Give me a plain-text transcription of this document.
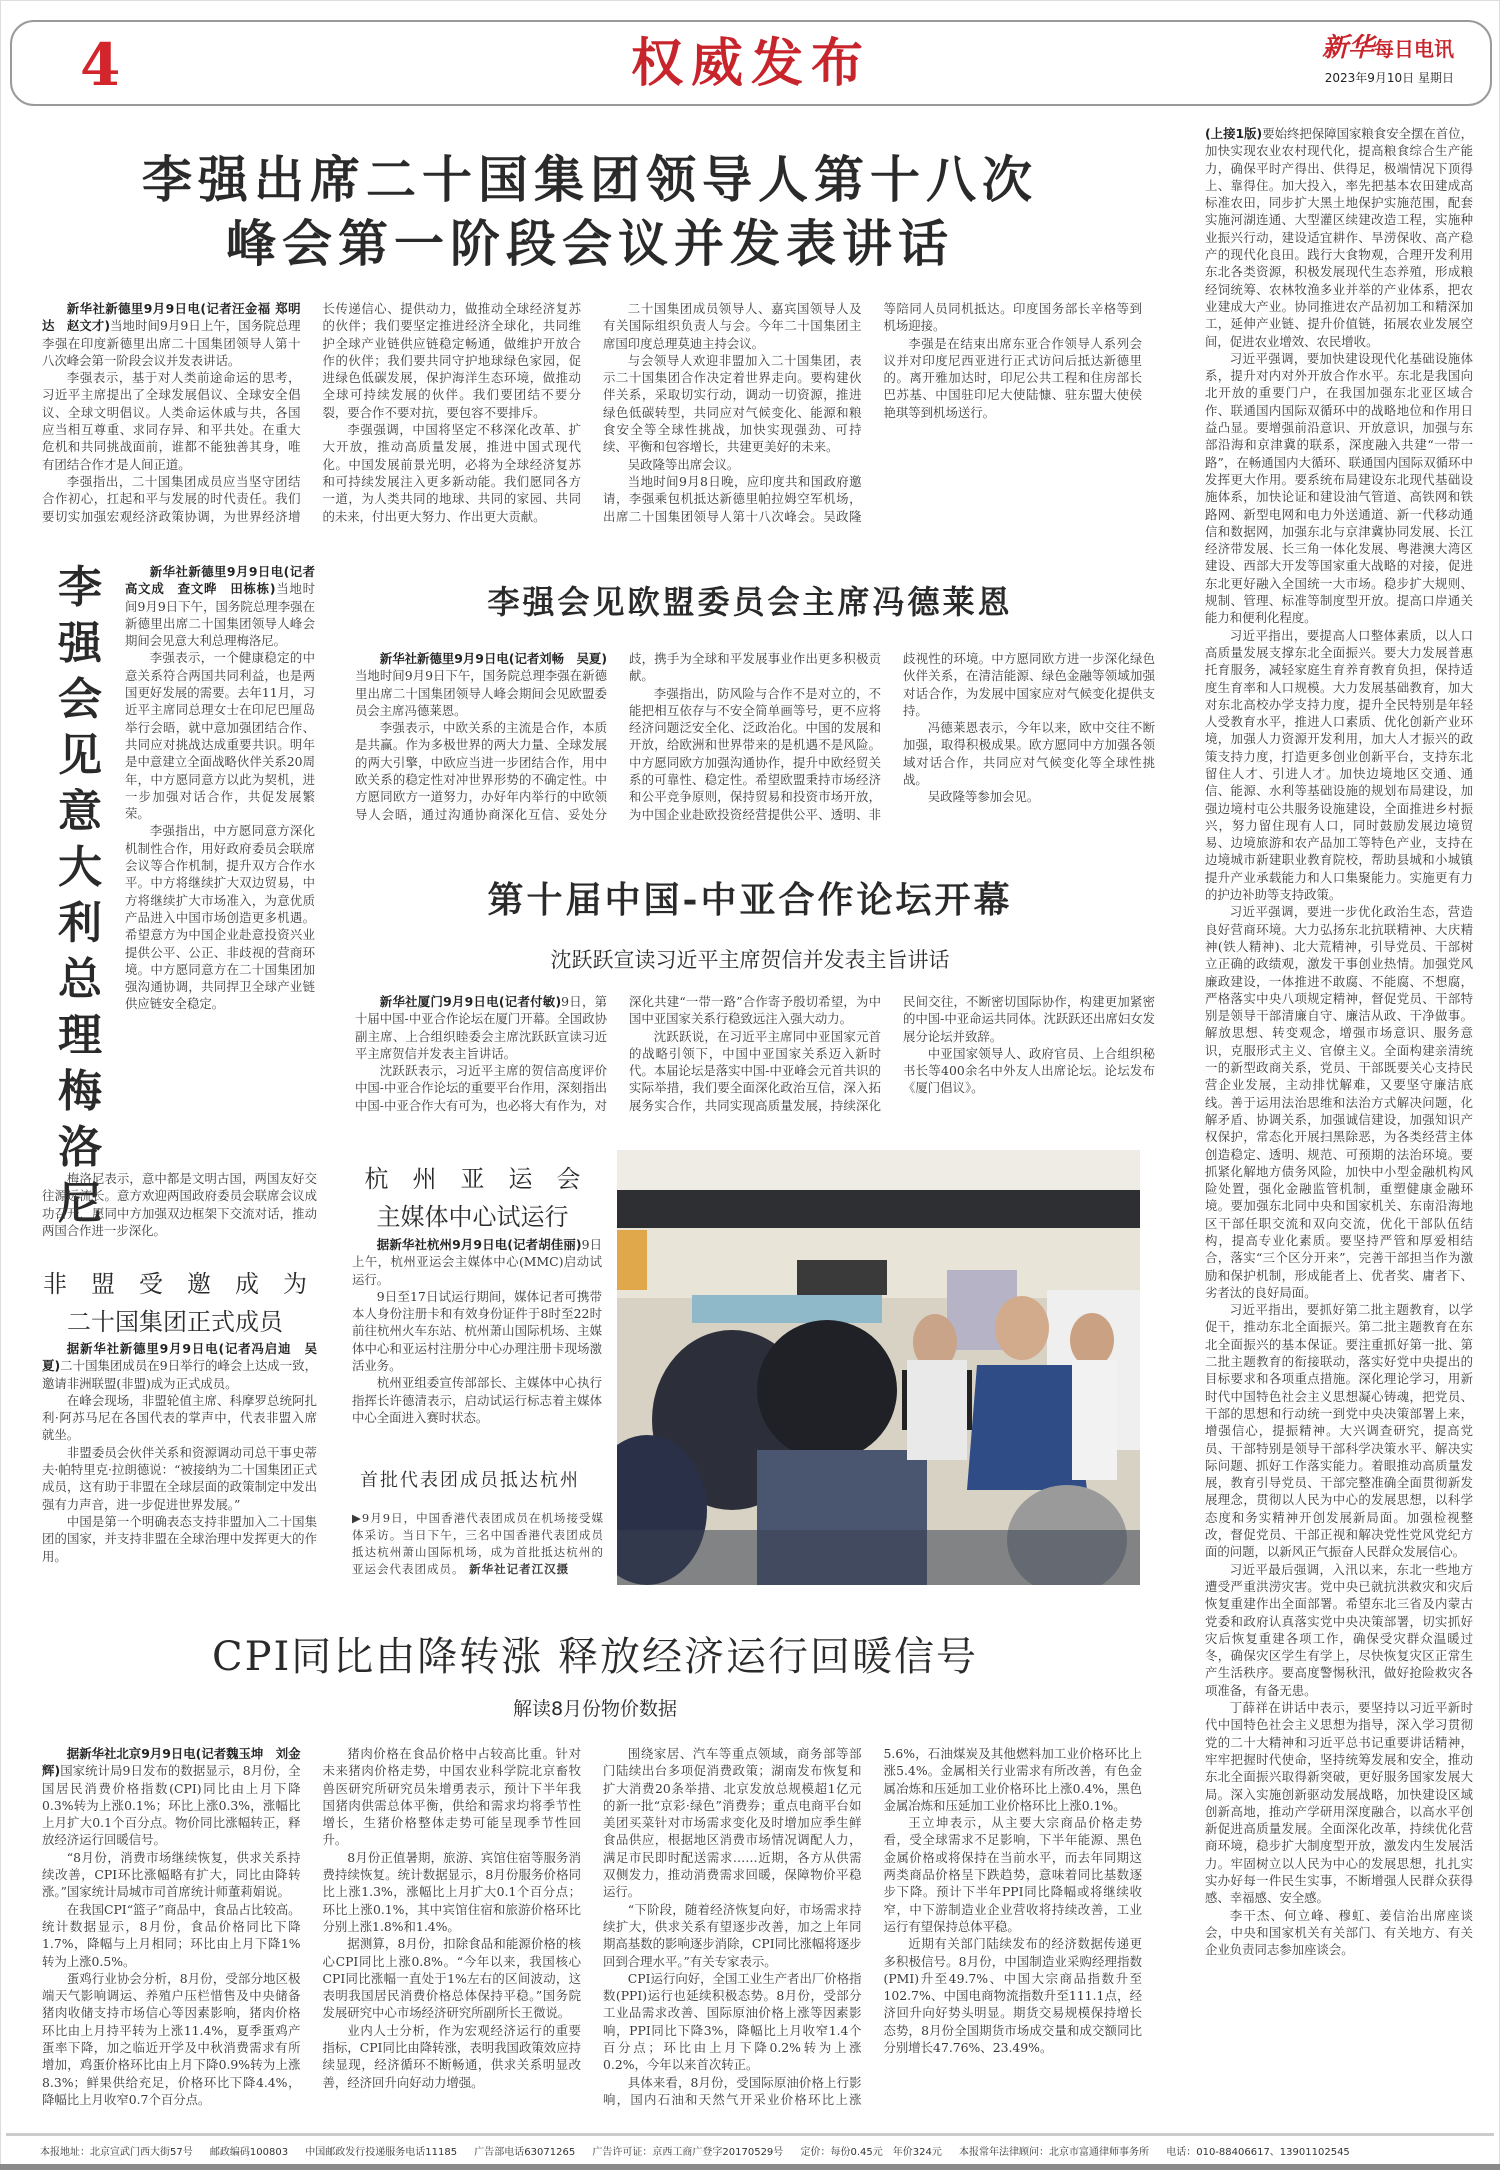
4	权威发布	新华每日电讯
2023年9月10日 星期日
李强出席二十国集团领导人第十八次
峰会第一阶段会议并发表讲话

新华社新德里9月9日电(记者汪金福 郑明达　赵文才)当地时间9月9日上午，国务院总理李强在印度新德里出席二十国集团领导人第十八次峰会第一阶段会议并发表讲话。

李强表示，基于对人类前途命运的思考，习近平主席提出了全球发展倡议、全球安全倡议、全球文明倡议。人类命运休戚与共，各国应当相互尊重、求同存异、和平共处。在重大危机和共同挑战面前，谁都不能独善其身，唯有团结合作才是人间正道。

李强指出，二十国集团成员应当坚守团结合作初心，扛起和平与发展的时代责任。我们要切实加强宏观经济政策协调，为世界经济增长传递信心、提供动力，做推动全球经济复苏的伙伴；我们要坚定推进经济全球化，共同维护全球产业链供应链稳定畅通，做维护开放合作的伙伴；我们要共同守护地球绿色家园，促进绿色低碳发展，保护海洋生态环境，做推动全球可持续发展的伙伴。我们要团结不要分裂，要合作不要对抗，要包容不要排斥。

李强强调，中国将坚定不移深化改革、扩大开放，推动高质量发展，推进中国式现代化。中国发展前景光明，必将为全球经济复苏和可持续发展注入更多新动能。我们愿同各方一道，为人类共同的地球、共同的家园、共同的未来，付出更大努力、作出更大贡献。

二十国集团成员领导人、嘉宾国领导人及有关国际组织负责人与会。今年二十国集团主席国印度总理莫迪主持会议。

与会领导人欢迎非盟加入二十国集团，表示二十国集团合作决定着世界走向。要构建伙伴关系，采取切实行动，调动一切资源，推进绿色低碳转型，共同应对气候变化、能源和粮食安全等全球性挑战，加快实现强劲、可持续、平衡和包容增长，共建更美好的未来。

吴政隆等出席会议。

当地时间9月8日晚，应印度共和国政府邀请，李强乘包机抵达新德里帕拉姆空军机场，出席二十国集团领导人第十八次峰会。吴政隆等陪同人员同机抵达。印度国务部长辛格等到机场迎接。

李强是在结束出席东亚合作领导人系列会议并对印度尼西亚进行正式访问后抵达新德里的。离开雅加达时，印尼公共工程和住房部长巴苏基、中国驻印尼大使陆慷、驻东盟大使侯艳琪等到机场送行。

李
强
会
见
意
大
利
总
理
梅
洛
尼

新华社新德里9月9日电(记者高文成　查文晔　田栋栋)当地时间9月9日下午，国务院总理李强在新德里出席二十国集团领导人峰会期间会见意大利总理梅洛尼。

李强表示，一个健康稳定的中意关系符合两国共同利益，也是两国更好发展的需要。去年11月，习近平主席同总理女士在印尼巴厘岛举行会晤，就中意加强团结合作、共同应对挑战达成重要共识。明年是中意建立全面战略伙伴关系20周年，中方愿同意方以此为契机，进一步加强对话合作，共促发展繁荣。

李强指出，中方愿同意方深化机制性合作，用好政府委员会联席会议等合作机制，提升双方合作水平。中方将继续扩大双边贸易，中方将继续扩大市场准入，为意优质产品进入中国市场创造更多机遇。希望意方为中国企业赴意投资兴业提供公平、公正、非歧视的营商环境。中方愿同意方在二十国集团加强沟通协调，共同捍卫全球产业链供应链安全稳定。

梅洛尼表示，意中都是文明古国，两国友好交往源远流长。意方欢迎两国政府委员会联席会议成功召开，愿同中方加强双边框架下交流对话，推动两国合作进一步深化。

非　盟　受　邀　成　为
二十国集团正式成员

据新华社新德里9月9日电(记者冯启迪　吴夏)二十国集团成员在9日举行的峰会上达成一致，邀请非洲联盟(非盟)成为正式成员。

在峰会现场，非盟轮值主席、科摩罗总统阿扎利·阿苏马尼在各国代表的掌声中，代表非盟入席就坐。

非盟委员会伙伴关系和资源调动司总干事史蒂夫·帕特里克·拉朗德说：“被接纳为二十国集团正式成员，这有助于非盟在全球层面的政策制定中发出强有力声音，进一步促进世界发展。”

中国是第一个明确表态支持非盟加入二十国集团的国家，并支持非盟在全球治理中发挥更大的作用。

李强会见欧盟委员会主席冯德莱恩

新华社新德里9月9日电(记者刘畅　吴夏)当地时间9月9日下午，国务院总理李强在新德里出席二十国集团领导人峰会期间会见欧盟委员会主席冯德莱恩。

李强表示，中欧关系的主流是合作，本质是共赢。作为多极世界的两大力量、全球发展的两大引擎，中欧应当进一步团结合作，用中欧关系的稳定性对冲世界形势的不确定性。中方愿同欧方一道努力，办好年内举行的中欧领导人会晤，通过沟通协商深化互信、妥处分歧，携手为全球和平发展事业作出更多积极贡献。

李强指出，防风险与合作不是对立的，不能把相互依存与不安全简单画等号，更不应将经济问题泛安全化、泛政治化。中国的发展和开放，给欧洲和世界带来的是机遇不是风险。中方愿同欧方加强沟通协作，提升中欧经贸关系的可靠性、稳定性。希望欧盟秉持市场经济和公平竞争原则，保持贸易和投资市场开放，为中国企业赴欧投资经营提供公平、透明、非歧视性的环境。中方愿同欧方进一步深化绿色伙伴关系，在清洁能源、绿色金融等领域加强对话合作，为发展中国家应对气候变化提供支持。

冯德莱恩表示，今年以来，欧中交往不断加强，取得积极成果。欧方愿同中方加强各领域对话合作，共同应对气候变化等全球性挑战。

吴政隆等参加会见。

第十届中国-中亚合作论坛开幕
沈跃跃宣读习近平主席贺信并发表主旨讲话

新华社厦门9月9日电(记者付敏)9日，第十届中国-中亚合作论坛在厦门开幕。全国政协副主席、上合组织睦委会主席沈跃跃宣读习近平主席贺信并发表主旨讲话。

沈跃跃表示，习近平主席的贺信高度评价中国-中亚合作论坛的重要平台作用，深刻指出中国-中亚合作大有可为，也必将大有作为，对深化共建“一带一路”合作寄予殷切希望，为中国中亚国家关系行稳致远注入强大动力。

沈跃跃说，在习近平主席同中亚国家元首的战略引领下，中国中亚国家关系迈入新时代。本届论坛是落实中国-中亚峰会元首共识的实际举措，我们要全面深化政治互信，深入拓展务实合作，共同实现高质量发展，持续深化民间交往，不断密切国际协作，构建更加紧密的中国-中亚命运共同体。沈跃跃还出席妇女发展分论坛并致辞。

中亚国家领导人、政府官员、上合组织秘书长等400余名中外友人出席论坛。论坛发布《厦门倡议》。

杭　州　亚　运　会
主媒体中心试运行

据新华社杭州9月9日电(记者胡佳丽)9日上午，杭州亚运会主媒体中心(MMC)启动试运行。

9日至17日试运行期间，媒体记者可携带本人身份注册卡和有效身份证件于8时至22时前往杭州火车东站、杭州萧山国际机场、主媒体中心和亚运村注册分中心办理注册卡现场激活业务。

杭州亚组委宣传部部长、主媒体中心执行指挥长许德清表示，启动试运行标志着主媒体中心全面进入赛时状态。

首批代表团成员抵达杭州
▶9月9日，中国香港代表团成员在机场接受媒体采访。当日下午，三名中国香港代表团成员抵达杭州萧山国际机场，成为首批抵达杭州的亚运会代表团成员。 新华社记者江汉摄
CPI同比由降转涨 释放经济运行回暖信号
解读8月份物价数据

据新华社北京9月9日电(记者魏玉坤　刘金辉)国家统计局9日发布的数据显示，8月份，全国居民消费价格指数(CPI)同比由上月下降0.3%转为上涨0.1%；环比上涨0.3%，涨幅比上月扩大0.1个百分点。物价同比涨幅转正，释放经济运行回暖信号。

“8月份，消费市场继续恢复，供求关系持续改善，CPI环比涨幅略有扩大，同比由降转涨。”国家统计局城市司首席统计师董莉娟说。

在我国CPI“篮子”商品中，食品占比较高。统计数据显示，8月份，食品价格同比下降1.7%，降幅与上月相同；环比由上月下降1%转为上涨0.5%。

蛋鸡行业协会分析，8月份，受部分地区极端天气影响调运、养殖户压栏惜售及中央储备猪肉收储支持市场信心等因素影响，猪肉价格环比由上月持平转为上涨11.4%，夏季蛋鸡产蛋率下降，加之临近开学及中秋消费需求有所增加，鸡蛋价格环比由上月下降0.9%转为上涨8.3%；鲜果供给充足，价格环比下降4.4%，降幅比上月收窄0.7个百分点。

猪肉价格在食品价格中占较高比重。针对未来猪肉价格走势，中国农业科学院北京畜牧兽医研究所研究员朱增勇表示，预计下半年我国猪肉供需总体平衡，供给和需求均将季节性增长，生猪价格整体走势可能呈现季节性回升。

8月份正值暑期，旅游、宾馆住宿等服务消费持续恢复。统计数据显示，8月份服务价格同比上涨1.3%，涨幅比上月扩大0.1个百分点；环比上涨0.1%，其中宾馆住宿和旅游价格环比分别上涨1.8%和1.4%。

据测算，8月份，扣除食品和能源价格的核心CPI同比上涨0.8%。“今年以来，我国核心CPI同比涨幅一直处于1%左右的区间波动，这表明我国居民消费价格总体保持平稳。”国务院发展研究中心市场经济研究所副所长王微说。

业内人士分析，作为宏观经济运行的重要指标，CPI同比由降转涨，表明我国政策效应持续显现，经济循环不断畅通，供求关系明显改善，经济回升向好动力增强。

围绕家居、汽车等重点领域，商务部等部门陆续出台多项促消费政策；湖南发布恢复和扩大消费20条举措、北京发放总规模超1亿元的新一批“京彩·绿色”消费券；重点电商平台如美团买菜针对市场需求变化及时增加应季生鲜食品供应，根据地区消费市场情况调配人力，满足市民即时配送需求……近期，各方从供需双侧发力，推动消费需求回暖，保障物价平稳运行。

“下阶段，随着经济恢复向好，市场需求持续扩大，供求关系有望逐步改善，加之上年同期高基数的影响逐步消除，CPI同比涨幅将逐步回到合理水平。”有关专家表示。

CPI运行向好，全国工业生产者出厂价格指数(PPI)运行也延续积极态势。8月份，受部分工业品需求改善、国际原油价格上涨等因素影响，PPI同比下降3%，降幅比上月收窄1.4个百分点；环比由上月下降0.2%转为上涨0.2%，今年以来首次转正。

具体来看，8月份，受国际原油价格上行影响，国内石油和天然气开采业价格环比上涨5.6%，石油煤炭及其他燃料加工业价格环比上涨5.4%。金属相关行业需求有所改善，有色金属冶炼和压延加工业价格环比上涨0.4%，黑色金属冶炼和压延加工业价格环比上涨0.1%。

王立坤表示，从主要大宗商品价格走势看，受全球需求不足影响，下半年能源、黑色金属价格或将保持在当前水平，而去年同期这两类商品价格呈下跌趋势，意味着同比基数逐步下降。预计下半年PPI同比降幅或将继续收窄，中下游制造业企业营收将持续改善，工业运行有望保持总体平稳。

近期有关部门陆续发布的经济数据传递更多积极信号。8月份，中国制造业采购经理指数(PMI)升至49.7%、中国大宗商品指数升至102.7%、中国电商物流指数升至111.1点，经济回升向好势头明显。期货交易规模保持增长态势，8月份全国期货市场成交量和成交额同比分别增长47.76%、23.49%。

(上接1版)要始终把保障国家粮食安全摆在首位，加快实现农业农村现代化，提高粮食综合生产能力，确保平时产得出、供得足，极端情况下顶得上、靠得住。加大投入，率先把基本农田建成高标准农田，同步扩大黑土地保护实施范围，配套实施河湖连通、大型灌区续建改造工程，实施种业振兴行动，建设适宜耕作、旱涝保收、高产稳产的现代化良田。践行大食物观，合理开发利用东北各类资源，积极发展现代生态养殖，形成粮经饲统筹、农林牧渔多业并举的产业体系，把农业建成大产业。协同推进农产品初加工和精深加工，延伸产业链、提升价值链，拓展农业发展空间，促进农业增效、农民增收。

习近平强调，要加快建设现代化基础设施体系，提升对内对外开放合作水平。东北是我国向北开放的重要门户，在我国加强东北亚区域合作、联通国内国际双循环中的战略地位和作用日益凸显。要增强前沿意识、开放意识，加强与东部沿海和京津冀的联系，深度融入共建“一带一路”，在畅通国内大循环、联通国内国际双循环中发挥更大作用。要系统布局建设东北现代基础设施体系，加快论证和建设油气管道、高铁网和铁路网、新型电网和电力外送通道、新一代移动通信和数据网，加强东北与京津冀协同发展、长江经济带发展、长三角一体化发展、粤港澳大湾区建设、西部大开发等国家重大战略的对接，促进东北更好融入全国统一大市场。稳步扩大规则、规制、管理、标准等制度型开放。提高口岸通关能力和便利化程度。

习近平指出，要提高人口整体素质，以人口高质量发展支撑东北全面振兴。要大力发展普惠托育服务，减轻家庭生育养育教育负担，保持适度生育率和人口规模。大力发展基础教育，加大对东北高校办学支持力度，提升全民特别是年轻人受教育水平，推进人口素质、优化创新产业环境，加强人力资源开发利用，加大人才振兴的政策支持力度，打造更多创业创新平台，支持东北留住人才、引进人才。加快边境地区交通、通信、能源、水利等基础设施的规划布局建设，加强边境村屯公共服务设施建设，全面推进乡村振兴，努力留住现有人口，同时鼓励发展边境贸易、边境旅游和农产品加工等特色产业，支持在边境城市新建职业教育院校，帮助县城和小城镇提升产业承载能力和人口集聚能力。实施更有力的护边补助等支持政策。

习近平强调，要进一步优化政治生态，营造良好营商环境。大力弘扬东北抗联精神、大庆精神(铁人精神)、北大荒精神，引导党员、干部树立正确的政绩观，激发干事创业热情。加强党风廉政建设，一体推进不敢腐、不能腐、不想腐，严格落实中央八项规定精神，督促党员、干部特别是领导干部清廉自守、廉洁从政、干净做事。解放思想、转变观念，增强市场意识、服务意识，克服形式主义、官僚主义。全面构建亲清统一的新型政商关系，党员、干部既要关心支持民营企业发展，主动排忧解难，又要坚守廉洁底线。善于运用法治思维和法治方式解决问题，化解矛盾、协调关系，加强诚信建设，加强知识产权保护，常态化开展扫黑除恶，为各类经营主体创造稳定、透明、规范、可预期的法治环境。要抓紧化解地方债务风险，加快中小型金融机构风险处置，强化金融监管机制，重塑健康金融环境。要加强东北同中央和国家机关、东南沿海地区干部任职交流和双向交流，优化干部队伍结构，提高专业化素质。要坚持严管和厚爱相结合，落实“三个区分开来”，完善干部担当作为激励和保护机制，形成能者上、优者奖、庸者下、劣者汰的良好局面。

习近平指出，要抓好第二批主题教育，以学促干，推动东北全面振兴。第二批主题教育在东北全面振兴的基本保证。要注重抓好第一批、第二批主题教育的衔接联动，落实好党中央提出的目标要求和各项重点措施。深化理论学习，用新时代中国特色社会主义思想凝心铸魂，把党员、干部的思想和行动统一到党中央决策部署上来，增强信心，提振精神。大兴调查研究，提高党员、干部特别是领导干部科学决策水平、解决实际问题、抓好工作落实能力。着眼推动高质量发展，教育引导党员、干部完整准确全面贯彻新发展理念，贯彻以人民为中心的发展思想，以科学态度和务实精神开创发展新局面。加强检视整改，督促党员、干部正视和解决党性党风党纪方面的问题，以新风正气振奋人民群众发展信心。

习近平最后强调，入汛以来，东北一些地方遭受严重洪涝灾害。党中央已就抗洪救灾和灾后恢复重建作出全面部署。希望东北三省及内蒙古党委和政府认真落实党中央决策部署，切实抓好灾后恢复重建各项工作，确保受灾群众温暖过冬，确保灾区学生有学上，尽快恢复灾区正常生产生活秩序。要高度警惕秋汛，做好抢险救灾各项准备，有备无患。

丁薛祥在讲话中表示，要坚持以习近平新时代中国特色社会主义思想为指导，深入学习贯彻党的二十大精神和习近平总书记重要讲话精神，牢牢把握时代使命，坚持统筹发展和安全，推动东北全面振兴取得新突破，更好服务国家发展大局。深入实施创新驱动发展战略，加快建设区域创新高地，推动产学研用深度融合，以高水平创新促进高质量发展。全面深化改革，持续优化营商环境，稳步扩大制度型开放，激发内生发展活力。牢固树立以人民为中心的发展思想，扎扎实实办好每一件民生实事，不断增强人民群众获得感、幸福感、安全感。

李干杰、何立峰、穆虹、姜信治出席座谈会，中央和国家机关有关部门、有关地方、有关企业负责同志参加座谈会。

本报地址：北京宣武门西大街57号 邮政编码100803 中国邮政发行投递服务电话11185 广告部电话63071265 广告许可证：京西工商广登字20170529号 定价：每份0.45元　年价324元 本报常年法律顾问：北京市富通律师事务所 电话：010-88406617、13901102545
